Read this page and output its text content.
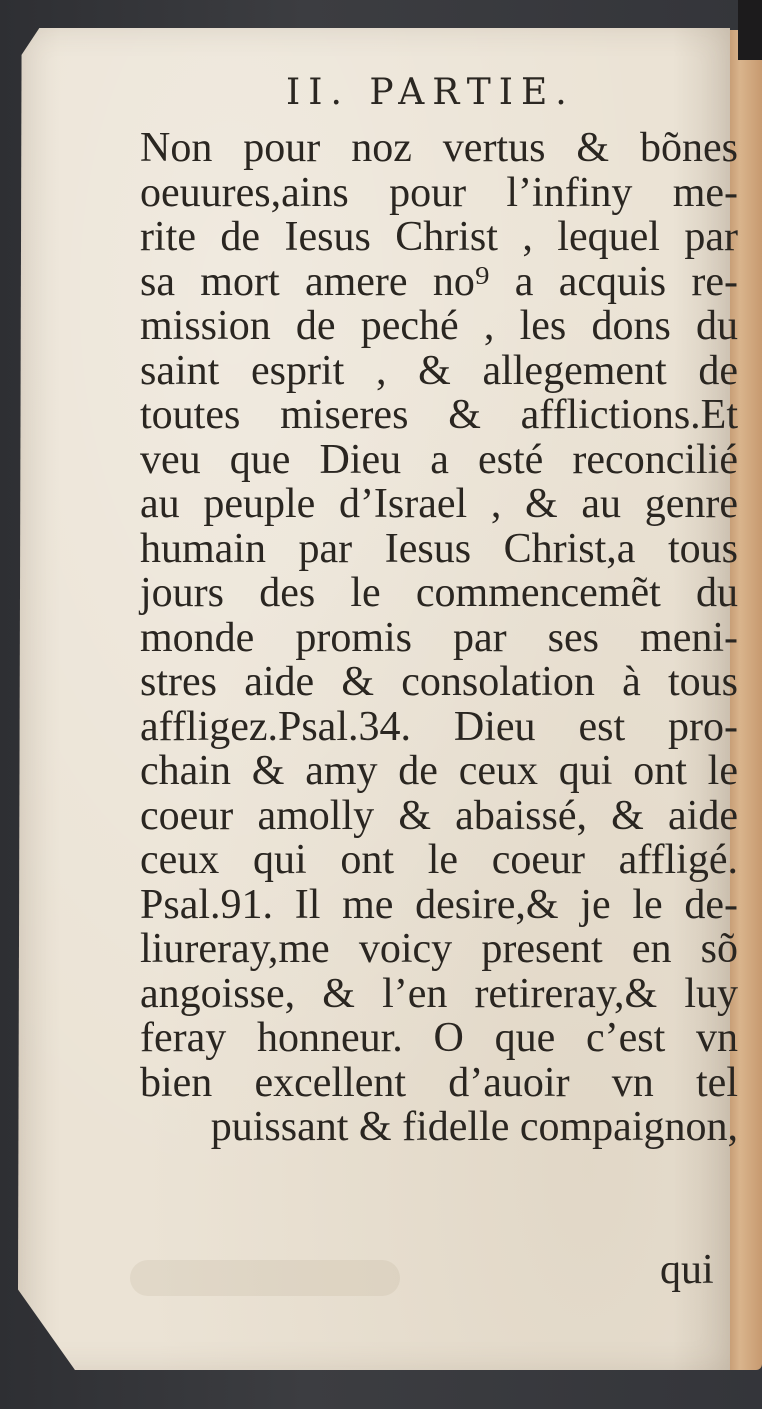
II. PARTIE.
Non pour noz vertus & bõnes
oeuures,ains pour l’infiny me-
rite de Iesus Christ , lequel par
sa mort amere no⁹ a acquis re-
mission de peché , les dons du
saint esprit , & allegement de
toutes miseres & afflictions.Et
veu que Dieu a esté reconcilié
au peuple d’Israel , & au genre
humain par Iesus Christ,a tous
jours des le commencemẽt du
monde promis par ses meni-
stres aide & consolation à tous
affligez.Psal.34. Dieu est pro-
chain & amy de ceux qui ont le
coeur amolly & abaissé, & aide
ceux qui ont le coeur affligé.
Psal.91. Il me desire,& je le de-
liureray,me voicy present en sõ
angoisse, & l’en retireray,& luy
feray honneur. O que c’est vn
bien excellent d’auoir vn tel
puissant & fidelle compaignon,
qui
